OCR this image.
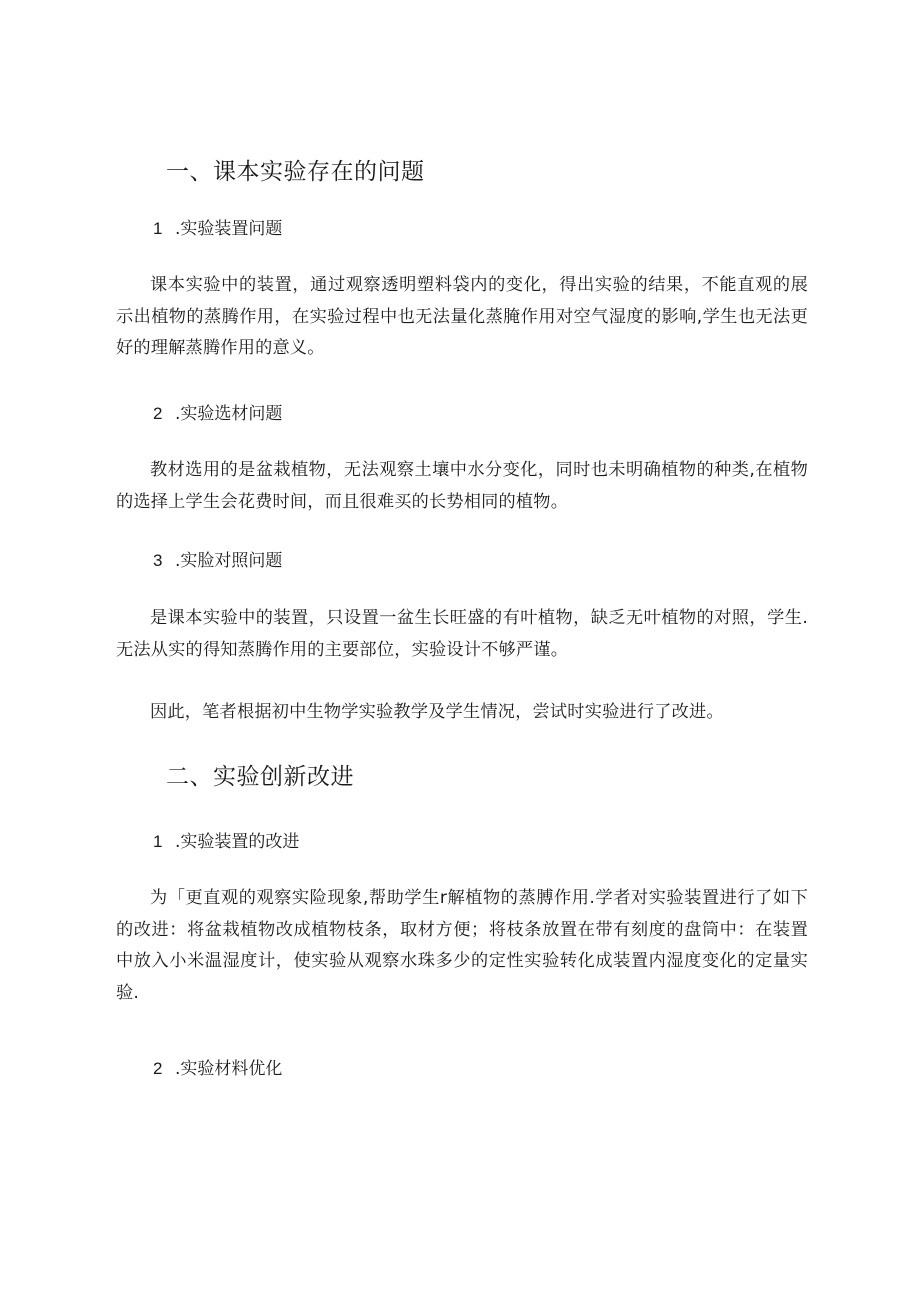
一、课本实验存在的问题
1 .实验装置问题
课本实验中的装置，通过观察透明塑料袋内的变化，得出实验的结果，不能直观的展示出植物的蒸腾作用，在实验过程中也无法量化蒸腌作用对空气湿度的影响,学生也无法更好的理解蒸腾作用的意义。
2 .实验选材问题
教材选用的是盆栽植物，无法观察土壤中水分变化，同时也未明确植物的种类,在植物的选择上学生会花费时间，而且很难买的长势相同的植物。
3 .实脸对照问题
是课本实验中的装置，只设置一盆生长旺盛的有叶植物，缺乏无叶植物的对照，学生.无法从实的得知蒸腾作用的主要部位，实验设计不够严谨。
因此，笔者根据初中生物学实验教学及学生情况，尝试时实验进行了改进。
二、实验创新改进
1 .实验装置的改进
为「更直观的观察实险现象,帮助学生r解植物的蒸膊作用.学者对实验装置进行了如下的改进：将盆栽植物改成植物枝条，取材方便；将枝条放置在带有刻度的盘筒中：在装置中放入小米温湿度计，使实验从观察水珠多少的定性实验转化成装置内湿度变化的定量实验.
2 .实验材料优化
